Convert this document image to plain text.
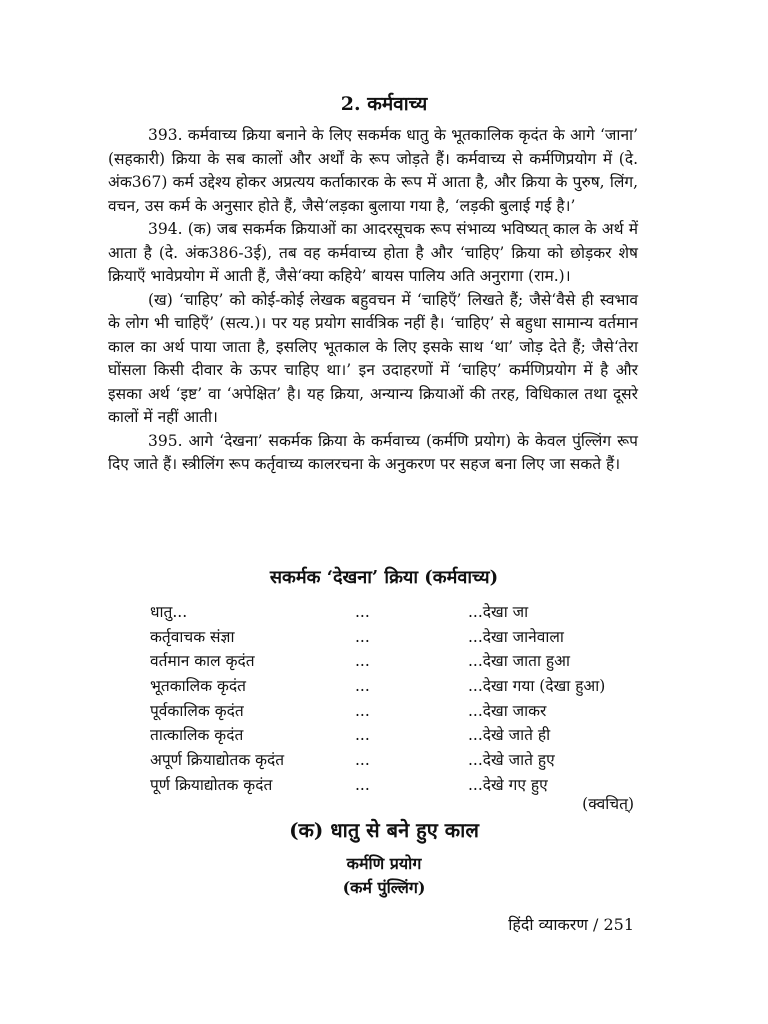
2. कर्मवाच्य

393. कर्मवाच्य क्रिया बनाने के लिए सकर्मक धातु के भूतकालिक कृदंत के आगे ‘जाना’ (सहकारी) क्रिया के सब कालों और अर्थों के रूप जोड़ते हैं। कर्मवाच्य से कर्मणिप्रयोग में (दे. अंक367) कर्म उद्देश्य होकर अप्रत्यय कर्ताकारक के रूप में आता है, और क्रिया के पुरुष, लिंग, वचन, उस कर्म के अनुसार होते हैं, जैसे‘लड़का बुलाया गया है, ‘लड़की बुलाई गई है।’

394. (क) जब सकर्मक क्रियाओं का आदरसूचक रूप संभाव्य भविष्यत् काल के अर्थ में आता है (दे. अंक386-3ई), तब वह कर्मवाच्य होता है और ‘चाहिए’ क्रिया को छोड़कर शेष क्रियाएँ भावेप्रयोग में आती हैं, जैसे‘क्या कहिये’ बायस पालिय अति अनुरागा (राम.)।

(ख) ‘चाहिए’ को कोई-कोई लेखक बहुवचन में ‘चाहिएँ’ लिखते हैं; जैसे‘वैसे ही स्वभाव के लोग भी चाहिएँ’ (सत्य.)। पर यह प्रयोग सार्वत्रिक नहीं है। ‘चाहिए’ से बहुधा सामान्य वर्तमान काल का अर्थ पाया जाता है, इसलिए भूतकाल के लिए इसके साथ ‘था’ जोड़ देते हैं; जैसे‘तेरा घोंसला किसी दीवार के ऊपर चाहिए था।’ इन उदाहरणों में ‘चाहिए’ कर्मणिप्रयोग में है और इसका अर्थ ‘इष्ट’ वा ‘अपेक्षित’ है। यह क्रिया, अन्यान्य क्रियाओं की तरह, विधिकाल तथा दूसरे कालों में नहीं आती।

395. आगे ‘देखना’ सकर्मक क्रिया के कर्मवाच्य (कर्मणि प्रयोग) के केवल पुंल्लिंग रूप दिए जाते हैं। स्त्रीलिंग रूप कर्तृवाच्य कालरचना के अनुकरण पर सहज बना लिए जा सकते हैं।

सकर्मक ‘देखना’ क्रिया (कर्मवाच्य)
धातु...	...	...देखा जा
कर्तृवाचक संज्ञा	...	...देखा जानेवाला
वर्तमान काल कृदंत	...	...देखा जाता हुआ
भूतकालिक कृदंत	...	...देखा गया (देखा हुआ)
पूर्वकालिक कृदंत	...	...देखा जाकर
तात्कालिक कृदंत	...	...देखे जाते ही
अपूर्ण क्रियाद्योतक कृदंत	...	...देखे जाते हुए
पूर्ण क्रियाद्योतक कृदंत	...	...देखे गए हुए
(क्वचित्)
(क) धातु से बने हुए काल
कर्मणि प्रयोग
(कर्म पुंल्लिंग)
हिंदी व्याकरण / 251
